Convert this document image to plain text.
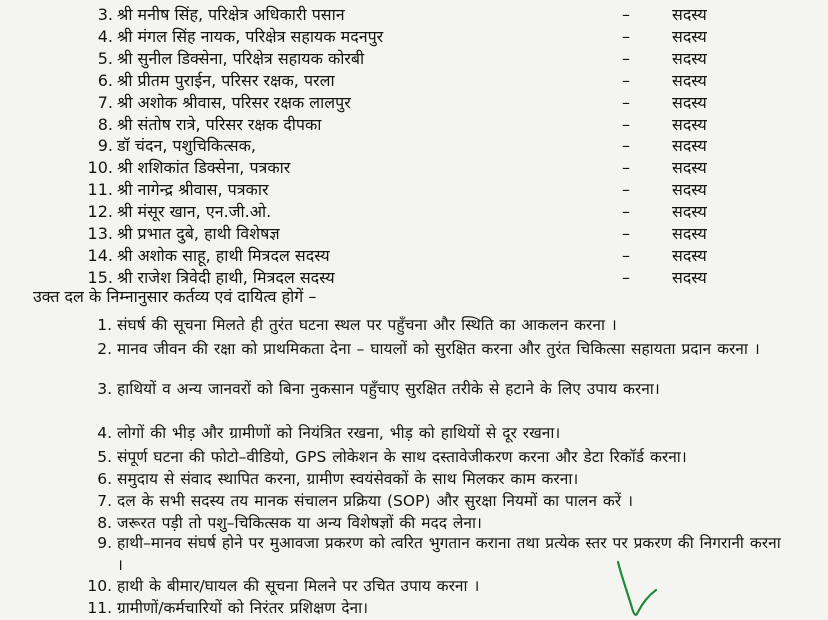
3. श्री मनीष सिंह, परिक्षेत्र अधिकारी पसान	–	सदस्य
4. श्री मंगल सिंह नायक, परिक्षेत्र सहायक मदनपुर	–	सदस्य
5. श्री सुनील डिक्सेना, परिक्षेत्र सहायक कोरबी	–	सदस्य
6. श्री प्रीतम पुराईन, परिसर रक्षक, परला	–	सदस्य
7. श्री अशोक श्रीवास, परिसर रक्षक लालपुर	–	सदस्य
8. श्री संतोष रात्रे, परिसर रक्षक दीपका	–	सदस्य
9. डॉ चंदन, पशुचिकित्सक,	–	सदस्य
10. श्री शशिकांत डिक्सेना, पत्रकार	–	सदस्य
11. श्री नागेन्द्र श्रीवास, पत्रकार	–	सदस्य
12. श्री मंसूर खान, एन.जी.ओ.	–	सदस्य
13. श्री प्रभात दुबे, हाथी विशेषज्ञ	–	सदस्य
14. श्री अशोक साहू, हाथी मित्रदल सदस्य	–	सदस्य
15. श्री राजेश त्रिवेदी हाथी, मित्रदल सदस्य	–	सदस्य
उक्त दल के निम्नानुसार कर्तव्य एवं दायित्व होगें –
1. संघर्ष की सूचना मिलते ही तुरंत घटना स्थल पर पहुँचना और स्थिति का आकलन करना ।
2. मानव जीवन की रक्षा को प्राथमिकता देना – घायलों को सुरक्षित करना और तुरंत चिकित्सा सहायता प्रदान करना ।
3. हाथियों व अन्य जानवरों को बिना नुकसान पहुँचाए सुरक्षित तरीके से हटाने के लिए उपाय करना।
4. लोगों की भीड़ और ग्रामीणों को नियंत्रित रखना, भीड़ को हाथियों से दूर रखना।
5. संपूर्ण घटना की फोटो–वीडियो, GPS लोकेशन के साथ दस्तावेजीकरण करना और डेटा रिकॉर्ड करना।
6. समुदाय से संवाद स्थापित करना, ग्रामीण स्वयंसेवकों के साथ मिलकर काम करना।
7. दल के सभी सदस्य तय मानक संचालन प्रक्रिया (SOP) और सुरक्षा नियमों का पालन करें ।
8. जरूरत पड़ी तो पशु–चिकित्सक या अन्य विशेषज्ञों की मदद लेना।
9. हाथी–मानव संघर्ष होने पर मुआवजा प्रकरण को त्वरित भुगतान कराना तथा प्रत्येक स्तर पर प्रकरण की निगरानी करना ।
10. हाथी के बीमार/घायल की सूचना मिलने पर उचित उपाय करना ।
11. ग्रामीणों/कर्मचारियों को निरंतर प्रशिक्षण देना।
